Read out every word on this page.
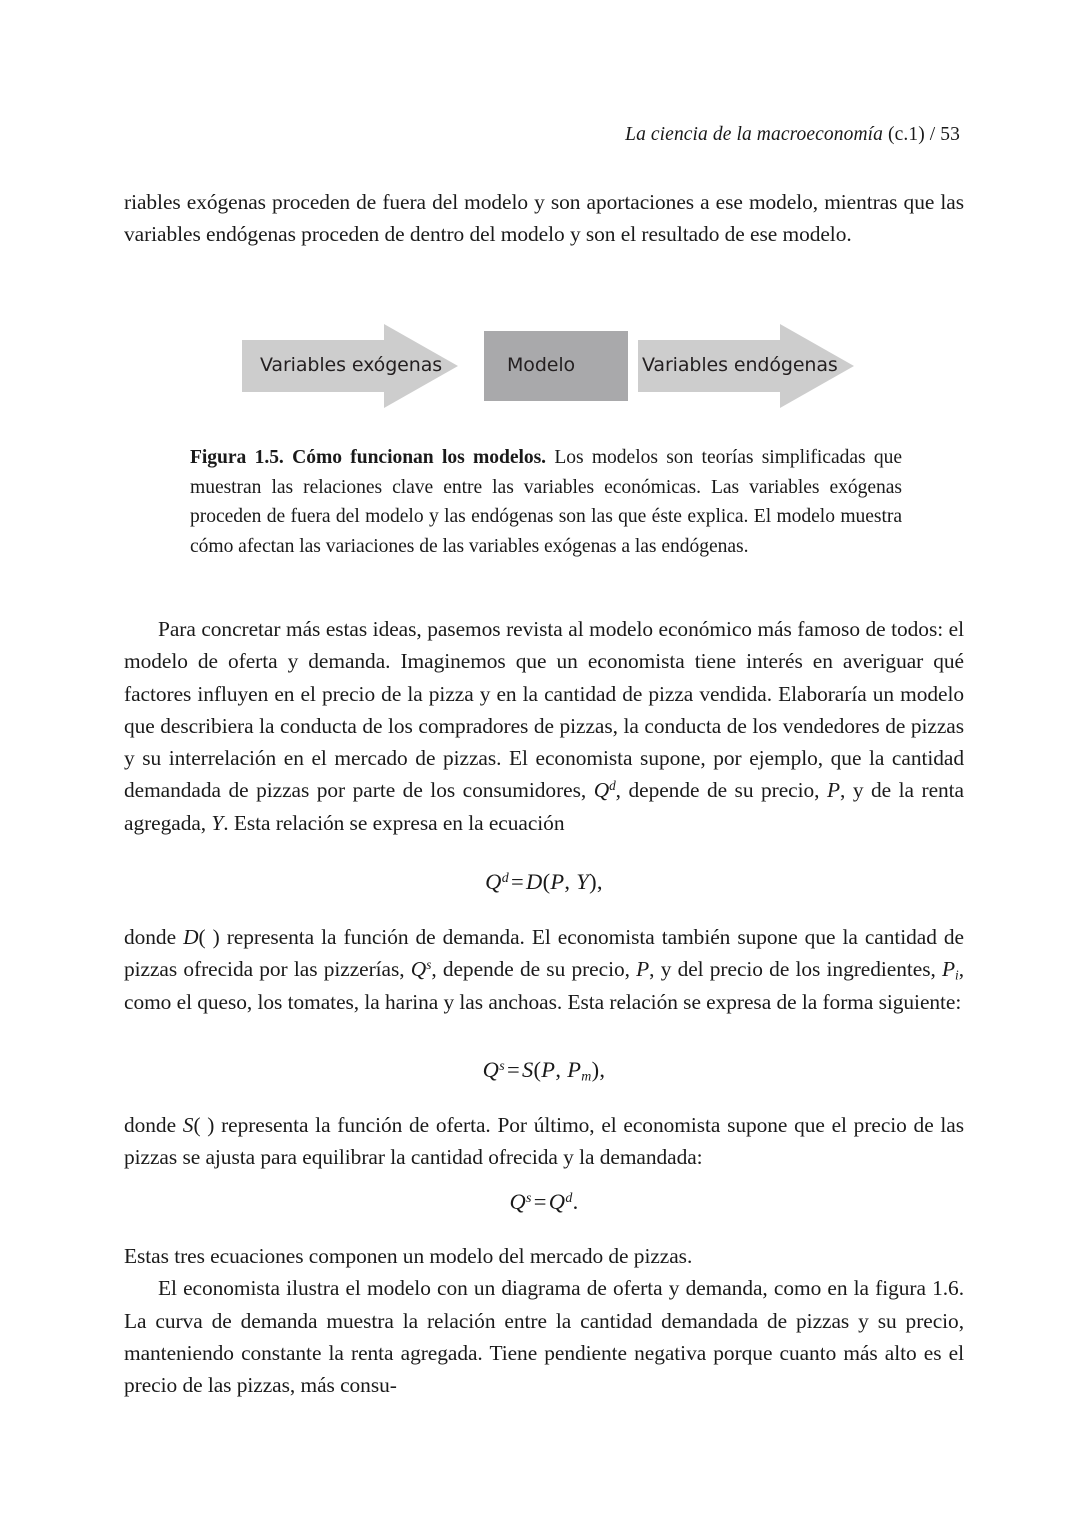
La ciencia de la macroeconomía (c.1) / 53

riables exógenas proceden de fuera del modelo y son aportaciones a ese modelo, mientras que las variables endógenas proceden de dentro del modelo y son el resultado de ese modelo.

Variables exógenas	Modelo	Variables endógenas
Figura 1.5. Cómo funcionan los modelos. Los modelos son teorías simplificadas que muestran las relaciones clave entre las variables económicas. Las variables exógenas proceden de fuera del modelo y las endógenas son las que éste explica. El modelo muestra cómo afectan las variaciones de las variables exógenas a las endógenas.

Para concretar más estas ideas, pasemos revista al modelo económico más famoso de todos: el modelo de oferta y demanda. Imaginemos que un economista tiene interés en averiguar qué factores influyen en el precio de la pizza y en la cantidad de pizza vendida. Elaboraría un modelo que describiera la conducta de los compradores de pizzas, la conducta de los vendedores de pizzas y su interrelación en el mercado de pizzas. El economista supone, por ejemplo, que la cantidad demandada de pizzas por parte de los consumidores, $Q^d$, depende de su precio, P, y de la renta agregada, Y. Esta relación se expresa en la ecuación

$Q^d=D(P$, Y),

donde D( ) representa la función de demanda. El economista también supone que la cantidad de pizzas ofrecida por las pizzerías, $Q^s$, depende de su precio, P, y del precio de los ingredientes, $P_i$, como el queso, los tomates, la harina y las anchoas. Esta relación se expresa de la forma siguiente:

$Q^s=S(P$, $P_m$),

donde S( ) representa la función de oferta. Por último, el economista supone que el precio de las pizzas se ajusta para equilibrar la cantidad ofrecida y la demandada:

$Q^s=Q^d$.

Estas tres ecuaciones componen un modelo del mercado de pizzas.

El economista ilustra el modelo con un diagrama de oferta y demanda, como en la figura 1.6. La curva de demanda muestra la relación entre la cantidad demandada de pizzas y su precio, manteniendo constante la renta agregada. Tiene pendiente negativa porque cuanto más alto es el precio de las pizzas, más consu-
